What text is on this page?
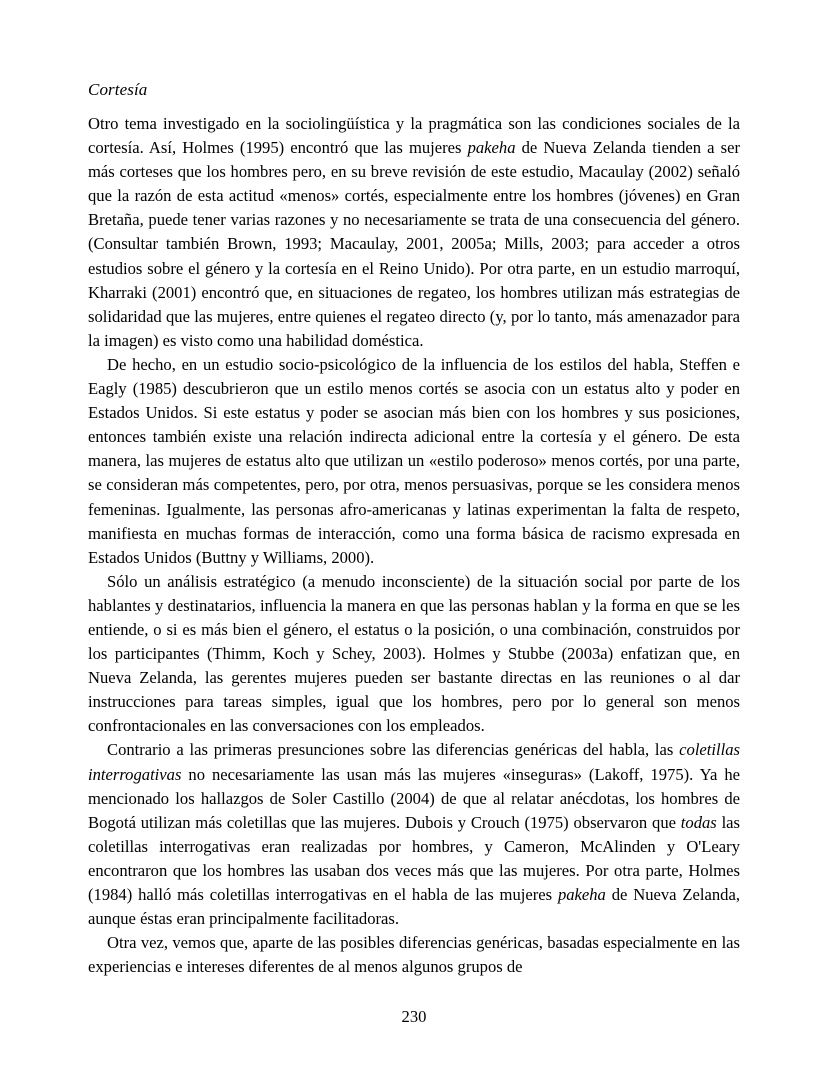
Cortesía

Otro tema investigado en la sociolingüística y la pragmática son las condiciones sociales de la cortesía. Así, Holmes (1995) encontró que las mujeres pakeha de Nueva Zelanda tienden a ser más corteses que los hombres pero, en su breve revisión de este estudio, Macaulay (2002) señaló que la razón de esta actitud «menos» cortés, especialmente entre los hombres (jóvenes) en Gran Bretaña, puede tener varias razones y no necesariamente se trata de una consecuencia del género. (Consultar también Brown, 1993; Macaulay, 2001, 2005a; Mills, 2003; para acceder a otros estudios sobre el género y la cortesía en el Reino Unido). Por otra parte, en un estudio marroquí, Kharraki (2001) encontró que, en situaciones de regateo, los hombres utilizan más estrategias de solidaridad que las mujeres, entre quienes el regateo directo (y, por lo tanto, más amenazador para la imagen) es visto como una habilidad doméstica.

De hecho, en un estudio socio-psicológico de la influencia de los estilos del habla, Steffen e Eagly (1985) descubrieron que un estilo menos cortés se asocia con un estatus alto y poder en Estados Unidos. Si este estatus y poder se asocian más bien con los hombres y sus posiciones, entonces también existe una relación indirecta adicional entre la cortesía y el género. De esta manera, las mujeres de estatus alto que utilizan un «estilo poderoso» menos cortés, por una parte, se consideran más competentes, pero, por otra, menos persuasivas, porque se les considera menos femeninas. Igualmente, las personas afro-americanas y latinas experimentan la falta de respeto, manifiesta en muchas formas de interacción, como una forma básica de racismo expresada en Estados Unidos (Buttny y Williams, 2000).

Sólo un análisis estratégico (a menudo inconsciente) de la situación social por parte de los hablantes y destinatarios, influencia la manera en que las personas hablan y la forma en que se les entiende, o si es más bien el género, el estatus o la posición, o una combinación, construidos por los participantes (Thimm, Koch y Schey, 2003). Holmes y Stubbe (2003a) enfatizan que, en Nueva Zelanda, las gerentes mujeres pueden ser bastante directas en las reuniones o al dar instrucciones para tareas simples, igual que los hombres, pero por lo general son menos confrontacionales en las conversaciones con los empleados.

Contrario a las primeras presunciones sobre las diferencias genéricas del habla, las coletillas interrogativas no necesariamente las usan más las mujeres «inseguras» (Lakoff, 1975). Ya he mencionado los hallazgos de Soler Castillo (2004) de que al relatar anécdotas, los hombres de Bogotá utilizan más coletillas que las mujeres. Dubois y Crouch (1975) observaron que todas las coletillas interrogativas eran realizadas por hombres, y Cameron, McAlinden y O'Leary encontraron que los hombres las usaban dos veces más que las mujeres. Por otra parte, Holmes (1984) halló más coletillas interrogativas en el habla de las mujeres pakeha de Nueva Zelanda, aunque éstas eran principalmente facilitadoras.

Otra vez, vemos que, aparte de las posibles diferencias genéricas, basadas especialmente en las experiencias e intereses diferentes de al menos algunos grupos de

230
